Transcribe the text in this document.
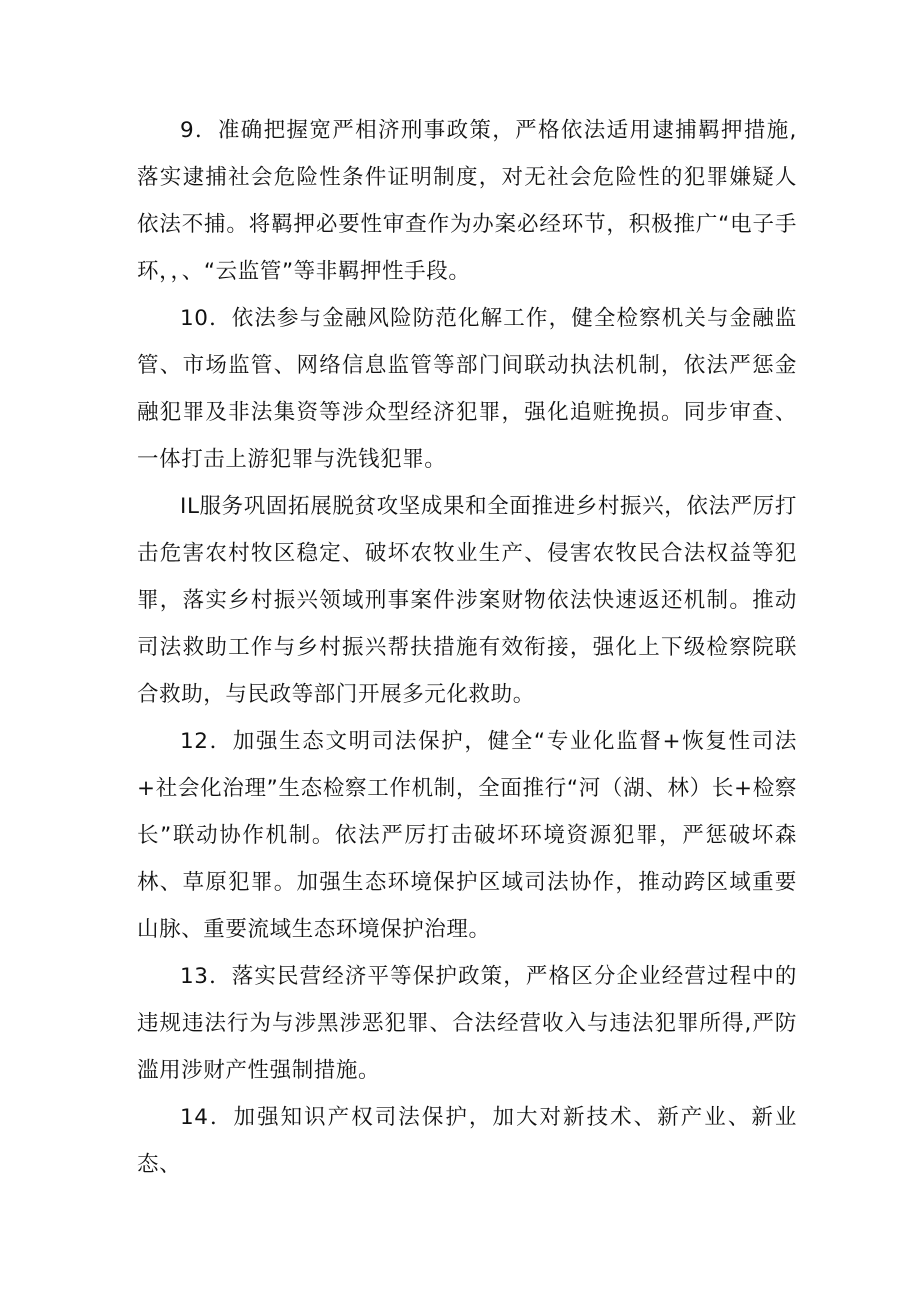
9．准确把握宽严相济刑事政策，严格依法适用逮捕羁押措施,落实逮捕社会危险性条件证明制度，对无社会危险性的犯罪嫌疑人依法不捕。将羁押必要性审查作为办案必经环节，积极推广“电子手环，，、“云监管”等非羁押性手段。

10．依法参与金融风险防范化解工作，健全检察机关与金融监管、市场监管、网络信息监管等部门间联动执法机制，依法严惩金融犯罪及非法集资等涉众型经济犯罪，强化追赃挽损。同步审查、一体打击上游犯罪与洗钱犯罪。

IL服务巩固拓展脱贫攻坚成果和全面推进乡村振兴，依法严厉打击危害农村牧区稳定、破坏农牧业生产、侵害农牧民合法权益等犯罪，落实乡村振兴领域刑事案件涉案财物依法快速返还机制。推动司法救助工作与乡村振兴帮扶措施有效衔接，强化上下级检察院联合救助，与民政等部门开展多元化救助。

12．加强生态文明司法保护，健全“专业化监督+恢复性司法+社会化治理”生态检察工作机制，全面推行“河（湖、林）长+检察长”联动协作机制。依法严厉打击破坏环境资源犯罪，严惩破坏森林、草原犯罪。加强生态环境保护区域司法协作，推动跨区域重要山脉、重要流域生态环境保护治理。

13．落实民营经济平等保护政策，严格区分企业经营过程中的违规违法行为与涉黑涉恶犯罪、合法经营收入与违法犯罪所得,严防滥用涉财产性强制措施。

14．加强知识产权司法保护，加大对新技术、新产业、新业态、
